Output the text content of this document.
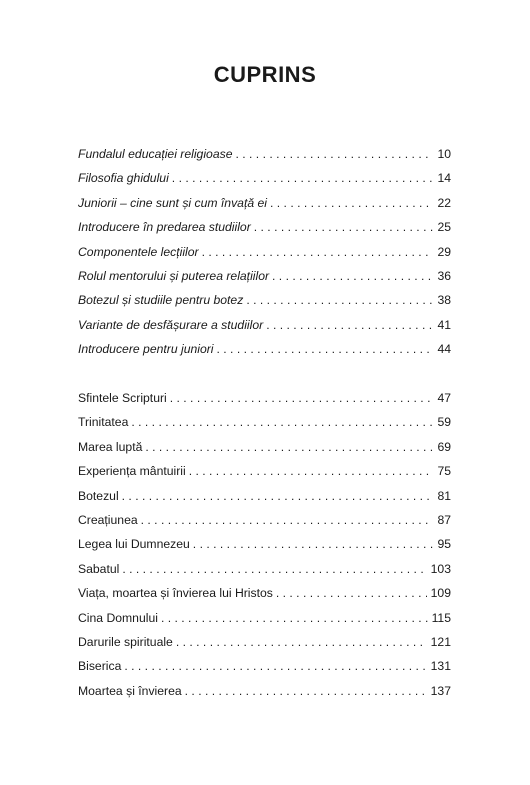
CUPRINS
Fundalul educației religioase . . .	10
Filosofia ghidului . . .	14
Juniorii – cine sunt și cum învață ei . . .	22
Introducere în predarea studiilor . . .	25
Componentele lecțiilor . . .	29
Rolul mentorului și puterea relațiilor . . .	36
Botezul și studiile pentru botez . . .	38
Variante de desfășurare a studiilor . . .	41
Introducere pentru juniori . . .	44
Sfintele Scripturi . . .	47
Trinitatea . . .	59
Marea luptă . . .	69
Experiența mântuirii . . .	75
Botezul . . .	81
Creațiunea . . .	87
Legea lui Dumnezeu . . .	95
Sabatul . . .	103
Viața, moartea și învierea lui Hristos . . .	109
Cina Domnului . . .	115
Darurile spirituale . . .	121
Biserica . . .	131
Moartea și învierea . . .	137
